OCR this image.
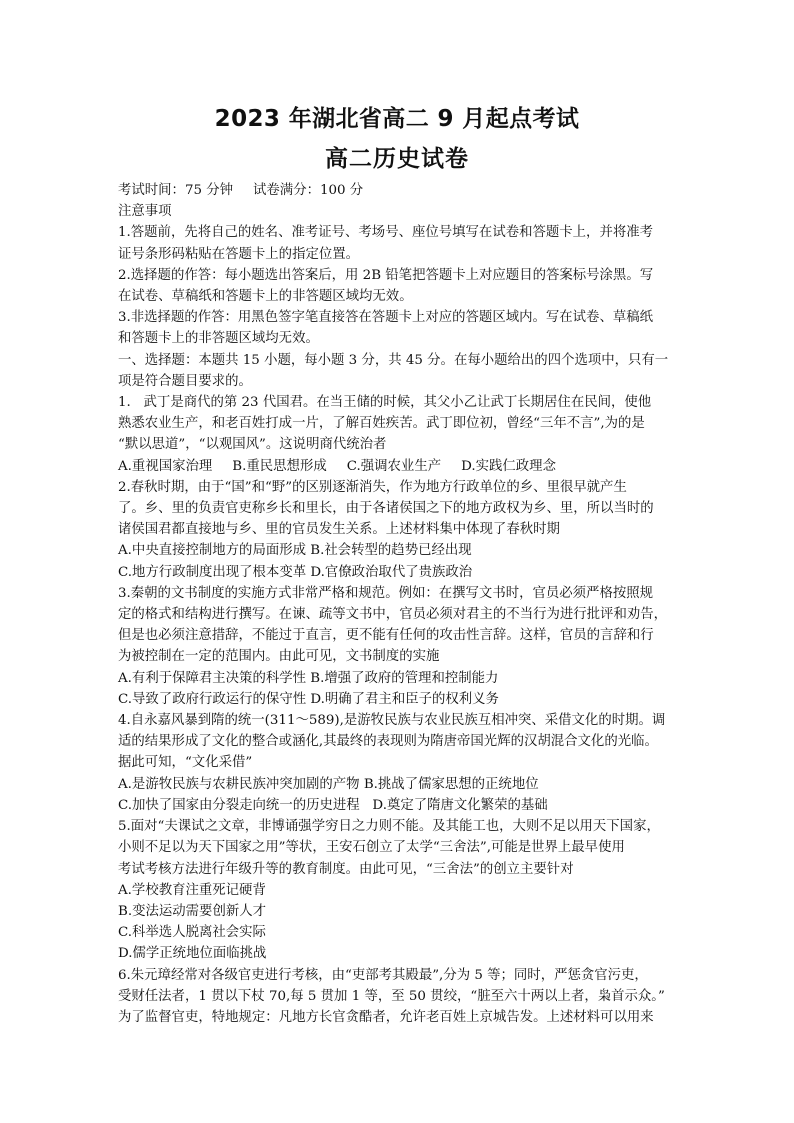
2023 年湖北省高二 9 月起点考试
高二历史试卷
考试时间：75 分钟 试卷满分：100 分
注意事项
1.答题前，先将自己的姓名、准考证号、考场号、座位号填写在试卷和答题卡上，并将准考
证号条形码粘贴在答题卡上的指定位置。
2.选择题的作答：每小题选出答案后，用 2B 铅笔把答题卡上对应题目的答案标号涂黑。写
在试卷、草稿纸和答题卡上的非答题区域均无效。
3.非选择题的作答：用黑色签字笔直接答在答题卡上对应的答题区域内。写在试卷、草稿纸
和答题卡上的非答题区域均无效。
一、选择题：本题共 15 小题，每小题 3 分，共 45 分。在每小题给出的四个选项中，只有一
项是符合题目要求的。
1.   武丁是商代的第 23 代国君。在当王储的时候，其父小乙让武丁长期居住在民间，使他
熟悉农业生产，和老百姓打成一片，了解百姓疾苦。武丁即位初，曾经“三年不言”,为的是
“默以思道”，“以观国风”。这说明商代统治者
A.重视国家治理 B.重民思想形成 C.强调农业生产 D.实践仁政理念
2.春秋时期，由于“国”和“野”的区别逐渐消失，作为地方行政单位的乡、里很早就产生
了。乡、里的负责官吏称乡长和里长，由于各诸侯国之下的地方政权为乡、里，所以当时的
诸侯国君都直接地与乡、里的官员发生关系。上述材料集中体现了春秋时期
A.中央直接控制地方的局面形成 B.社会转型的趋势已经出现
C.地方行政制度出现了根本变革 D.官僚政治取代了贵族政治
3.秦朝的文书制度的实施方式非常严格和规范。例如：在撰写文书时，官员必须严格按照规
定的格式和结构进行撰写。在谏、疏等文书中，官员必须对君主的不当行为进行批评和劝告，
但是也必须注意措辞，不能过于直言，更不能有任何的攻击性言辞。这样，官员的言辞和行
为被控制在一定的范围内。由此可见，文书制度的实施
A.有利于保障君主决策的科学性 B.增强了政府的管理和控制能力
C.导致了政府行政运行的保守性 D.明确了君主和臣子的权利义务
4.自永嘉风暴到隋的统一(311～589),是游牧民族与农业民族互相冲突、采借文化的时期。调
适的结果形成了文化的整合或涵化,其最终的表现则为隋唐帝国光辉的汉胡混合文化的光临。
据此可知，“文化采借”
A.是游牧民族与农耕民族冲突加剧的产物 B.挑战了儒家思想的正统地位
C.加快了国家由分裂走向统一的历史进程   D.奠定了隋唐文化繁荣的基础
5.面对“夫课试之文章，非博诵强学穷日之力则不能。及其能工也，大则不足以用天下国家，
小则不足以为天下国家之用”等状，王安石创立了太学“三舍法”,可能是世界上最早使用
考试考核方法进行年级升等的教育制度。由此可见，“三舍法”的创立主要针对
A.学校教育注重死记硬背
B.变法运动需要创新人才
C.科举选人脱离社会实际
D.儒学正统地位面临挑战
6.朱元璋经常对各级官吏进行考核，由“吏部考其殿最”,分为 5 等；同时，严惩贪官污吏，
受财任法者，1 贯以下杖 70,每 5 贯加 1 等，至 50 贯绞，“脏至六十两以上者，枭首示众。”
为了监督官吏，特地规定：凡地方长官贪酷者，允许老百姓上京城告发。上述材料可以用来
